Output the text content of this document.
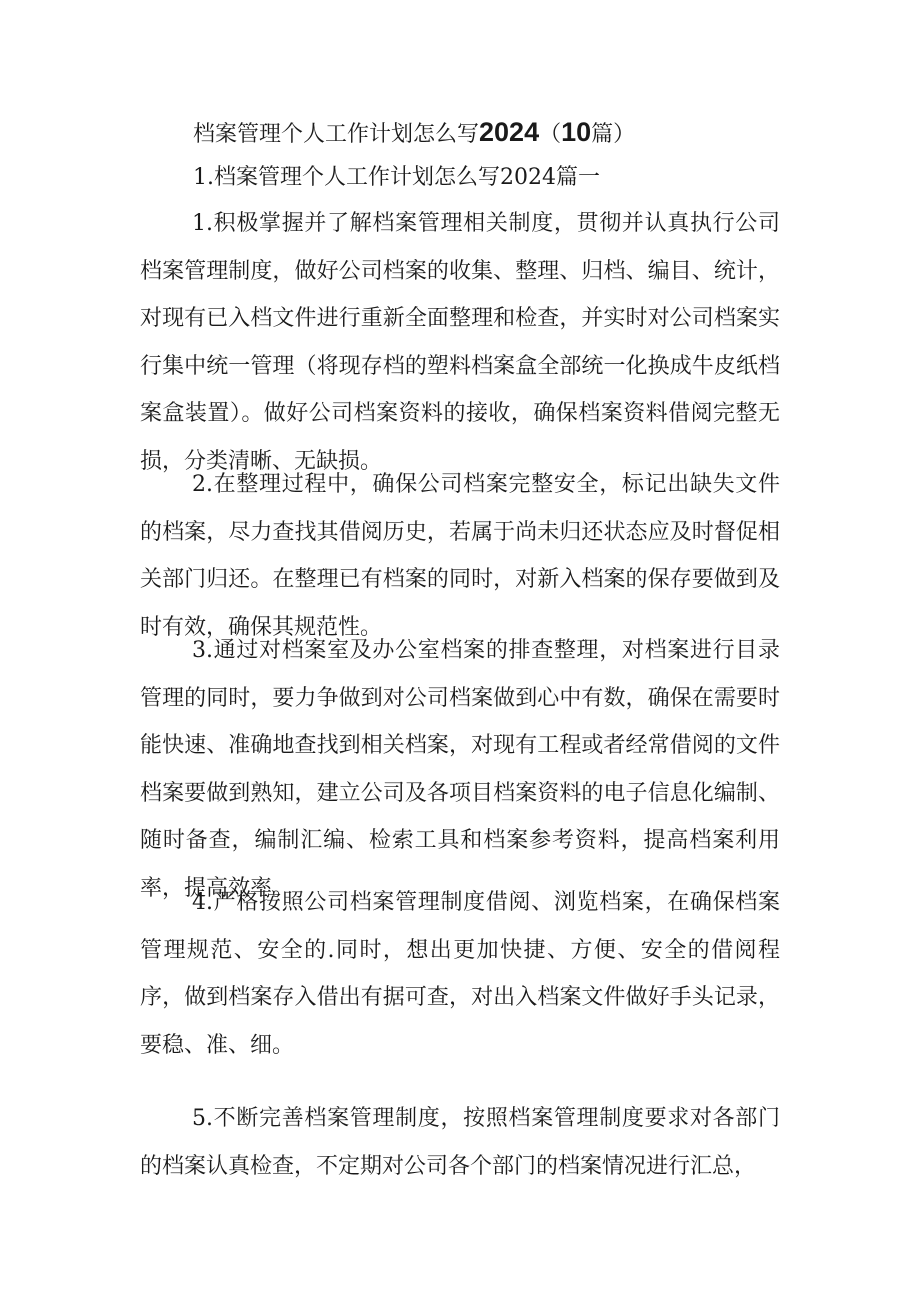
档案管理个人工作计划怎么写2024（10篇）
1.档案管理个人工作计划怎么写2024篇一

1.积极掌握并了解档案管理相关制度，贯彻并认真执行公司档案管理制度，做好公司档案的收集、整理、归档、编目、统计，对现有已入档文件进行重新全面整理和检查，并实时对公司档案实行集中统一管理（将现存档的塑料档案盒全部统一化换成牛皮纸档案盒装置）。做好公司档案资料的接收，确保档案资料借阅完整无损，分类清晰、无缺损。

2.在整理过程中，确保公司档案完整安全，标记出缺失文件的档案，尽力查找其借阅历史，若属于尚未归还状态应及时督促相关部门归还。在整理已有档案的同时，对新入档案的保存要做到及时有效，确保其规范性。

3.通过对档案室及办公室档案的排查整理，对档案进行目录管理的同时，要力争做到对公司档案做到心中有数，确保在需要时能快速、准确地查找到相关档案，对现有工程或者经常借阅的文件档案要做到熟知，建立公司及各项目档案资料的电子信息化编制、随时备查，编制汇编、检索工具和档案参考资料，提高档案利用率，提高效率。

4.严格按照公司档案管理制度借阅、浏览档案，在确保档案管理规范、安全的.同时，想出更加快捷、方便、安全的借阅程序，做到档案存入借出有据可查，对出入档案文件做好手头记录，要稳、准、细。

5.不断完善档案管理制度，按照档案管理制度要求对各部门的档案认真检查，不定期对公司各个部门的档案情况进行汇总，
